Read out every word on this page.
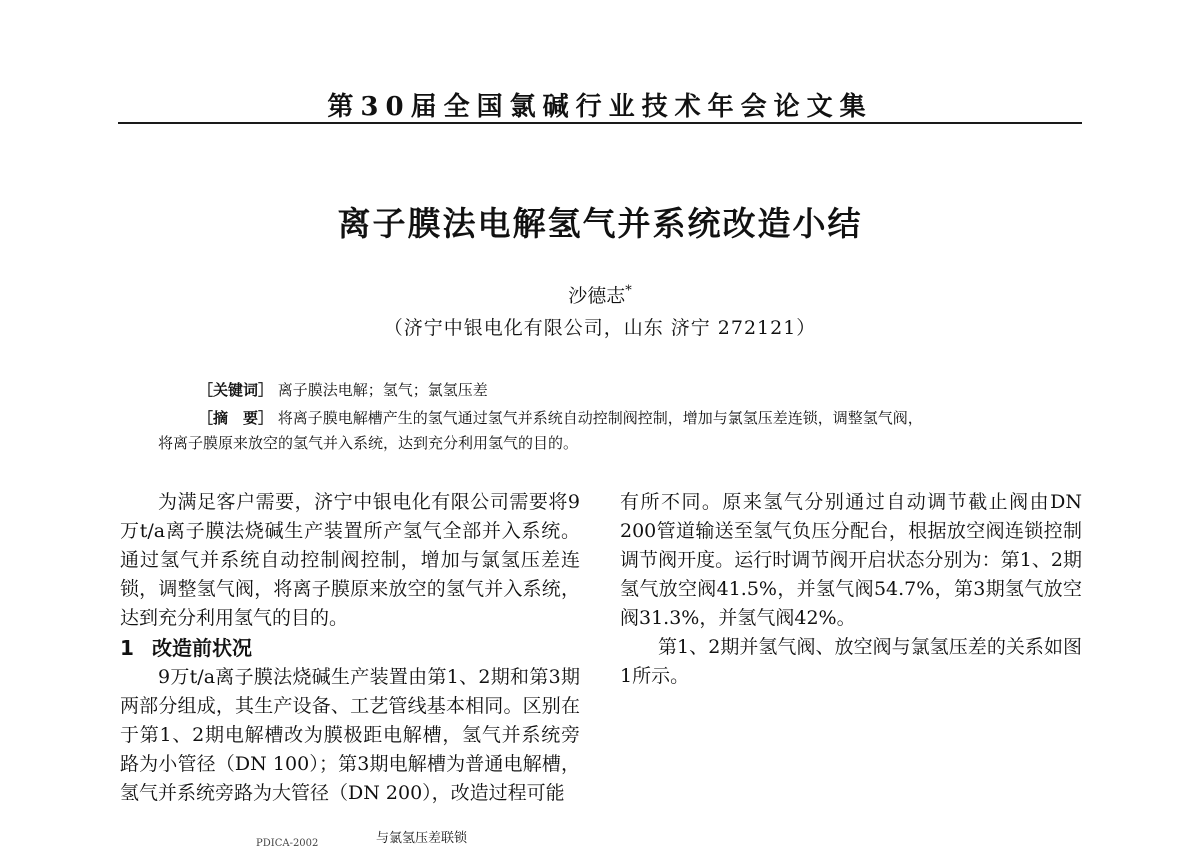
第30届全国氯碱行业技术年会论文集
离子膜法电解氢气并系统改造小结
沙德志*
（济宁中银电化有限公司，山东 济宁 272121）
［关键词］ 离子膜法电解；氢气；氯氢压差
［摘　要］ 将离子膜电解槽产生的氢气通过氢气并系统自动控制阀控制，增加与氯氢压差连锁，调整氢气阀，
将离子膜原来放空的氢气并入系统，达到充分利用氢气的目的。

为满足客户需要，济宁中银电化有限公司需要将9万t/a离子膜法烧碱生产装置所产氢气全部并入系统。通过氢气并系统自动控制阀控制，增加与氯氢压差连锁，调整氢气阀，将离子膜原来放空的氢气并入系统，达到充分利用氢气的目的。

1 改造前状况

9万t/a离子膜法烧碱生产装置由第1、2期和第3期两部分组成，其生产设备、工艺管线基本相同。区别在于第1、2期电解槽改为膜极距电解槽，氢气并系统旁路为小管径（DN 100）；第3期电解槽为普通电解槽，氢气并系统旁路为大管径（DN 200），改造过程可能

有所不同。原来氢气分别通过自动调节截止阀由DN 200管道输送至氢气负压分配台，根据放空阀连锁控制调节阀开度。运行时调节阀开启状态分别为：第1、2期氢气放空阀41.5%，并氢气阀54.7%，第3期氢气放空阀31.3%，并氢气阀42%。

第1、2期并氢气阀、放空阀与氯氢压差的关系如图1所示。

与氯氢压差联锁
PDICA-2002
